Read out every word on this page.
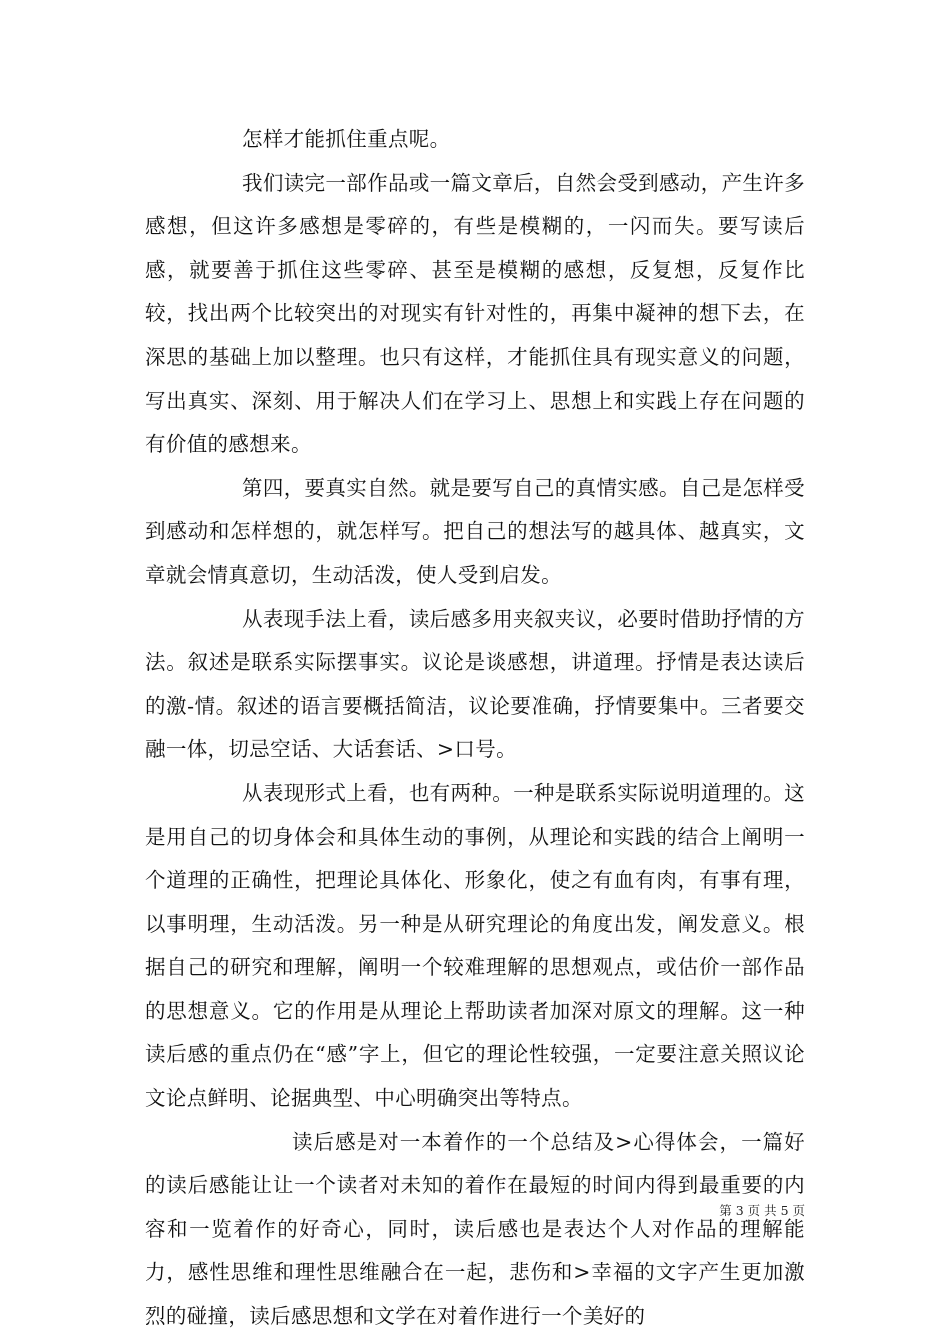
怎样才能抓住重点呢。

我们读完一部作品或一篇文章后，自然会受到感动，产生许多感想，但这许多感想是零碎的，有些是模糊的，一闪而失。要写读后感，就要善于抓住这些零碎、甚至是模糊的感想，反复想，反复作比较，找出两个比较突出的对现实有针对性的，再集中凝神的想下去，在深思的基础上加以整理。也只有这样，才能抓住具有现实意义的问题，写出真实、深刻、用于解决人们在学习上、思想上和实践上存在问题的有价值的感想来。

第四，要真实自然。就是要写自己的真情实感。自己是怎样受到感动和怎样想的，就怎样写。把自己的想法写的越具体、越真实，文章就会情真意切，生动活泼，使人受到启发。

从表现手法上看，读后感多用夹叙夹议，必要时借助抒情的方法。叙述是联系实际摆事实。议论是谈感想，讲道理。抒情是表达读后的激-情。叙述的语言要概括简洁，议论要准确，抒情要集中。三者要交融一体，切忌空话、大话套话、>口号。

从表现形式上看，也有两种。一种是联系实际说明道理的。这是用自己的切身体会和具体生动的事例，从理论和实践的结合上阐明一个道理的正确性，把理论具体化、形象化，使之有血有肉，有事有理，以事明理，生动活泼。另一种是从研究理论的角度出发，阐发意义。根据自己的研究和理解，阐明一个较难理解的思想观点，或估价一部作品的思想意义。它的作用是从理论上帮助读者加深对原文的理解。这一种读后感的重点仍在“感”字上，但它的理论性较强，一定要注意关照议论文论点鲜明、论据典型、中心明确突出等特点。

读后感是对一本着作的一个总结及>心得体会，一篇好的读后感能让让一个读者对未知的着作在最短的时间内得到最重要的内容和一览着作的好奇心，同时，读后感也是表达个人对作品的理解能力，感性思维和理性思维融合在一起，悲伤和>幸福的文字产生更加激烈的碰撞，读后感思想和文学在对着作进行一个美好的

第 3 页 共 5 页
